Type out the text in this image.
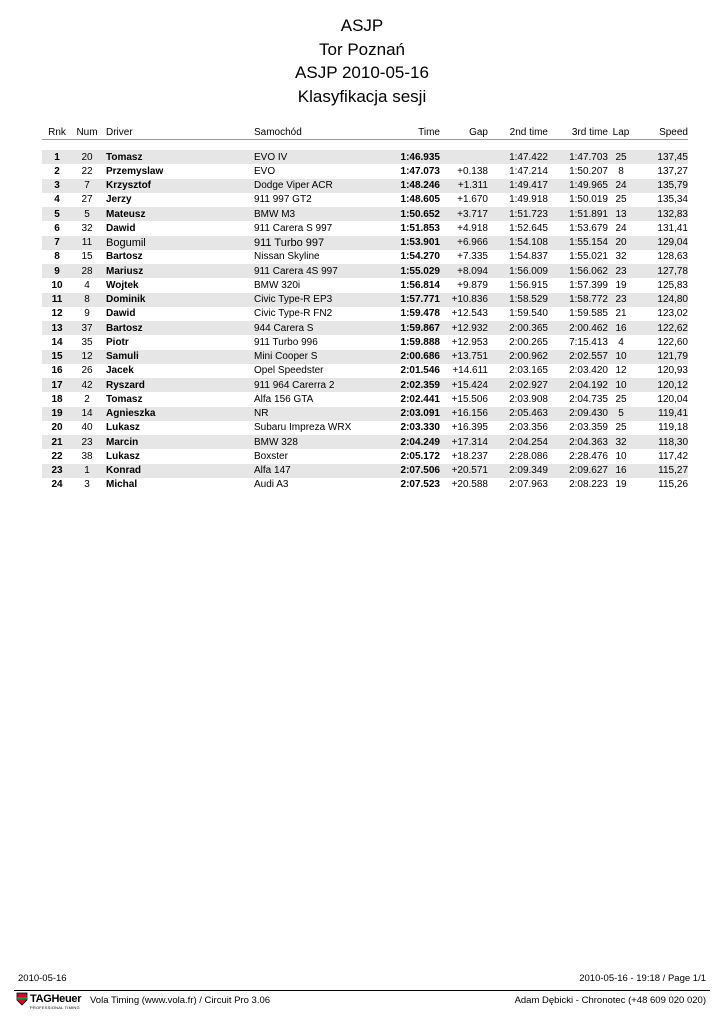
ASJP
Tor Poznań
ASJP 2010-05-16
Klasyfikacja sesji
Rnk	Num	Driver	Samochód	Time	Gap	2nd time	3rd time	Lap	Speed

1	20	Tomasz	EVO IV	1:46.935		1:47.422	1:47.703	25	137,45
2	22	Przemyslaw	EVO	1:47.073	+0.138	1:47.214	1:50.207	8	137,27
3	7	Krzysztof	Dodge Viper ACR	1:48.246	+1.311	1:49.417	1:49.965	24	135,79
4	27	Jerzy	911 997 GT2	1:48.605	+1.670	1:49.918	1:50.019	25	135,34
5	5	Mateusz	BMW M3	1:50.652	+3.717	1:51.723	1:51.891	13	132,83
6	32	Dawid	911 Carera S 997	1:51.853	+4.918	1:52.645	1:53.679	24	131,41
7	11	Bogumil	911 Turbo 997	1:53.901	+6.966	1:54.108	1:55.154	20	129,04
8	15	Bartosz	Nissan Skyline	1:54.270	+7.335	1:54.837	1:55.021	32	128,63
9	28	Mariusz	911 Carera 4S 997	1:55.029	+8.094	1:56.009	1:56.062	23	127,78
10	4	Wojtek	BMW 320i	1:56.814	+9.879	1:56.915	1:57.399	19	125,83
11	8	Dominik	Civic Type-R EP3	1:57.771	+10.836	1:58.529	1:58.772	23	124,80
12	9	Dawid	Civic Type-R FN2	1:59.478	+12.543	1:59.540	1:59.585	21	123,02
13	37	Bartosz	944 Carera S	1:59.867	+12.932	2:00.365	2:00.462	16	122,62
14	35	Piotr	911 Turbo 996	1:59.888	+12.953	2:00.265	7:15.413	4	122,60
15	12	Samuli	Mini Cooper S	2:00.686	+13.751	2:00.962	2:02.557	10	121,79
16	26	Jacek	Opel Speedster	2:01.546	+14.611	2:03.165	2:03.420	12	120,93
17	42	Ryszard	911 964 Carerra 2	2:02.359	+15.424	2:02.927	2:04.192	10	120,12
18	2	Tomasz	Alfa 156 GTA	2:02.441	+15.506	2:03.908	2:04.735	25	120,04
19	14	Agnieszka	NR	2:03.091	+16.156	2:05.463	2:09.430	5	119,41
20	40	Lukasz	Subaru Impreza WRX	2:03.330	+16.395	2:03.356	2:03.359	25	119,18
21	23	Marcin	BMW 328	2:04.249	+17.314	2:04.254	2:04.363	32	118,30
22	38	Lukasz	Boxster	2:05.172	+18.237	2:28.086	2:28.476	10	117,42
23	1	Konrad	Alfa 147	2:07.506	+20.571	2:09.349	2:09.627	16	115,27
24	3	Michal	Audi A3	2:07.523	+20.588	2:07.963	2:08.223	19	115,26
2010-05-16	2010-05-16 - 19:18 / Page 1/1
TAGHeuer
PROFESSIONAL TIMING
Vola Timing (www.vola.fr) / Circuit Pro 3.06	Adam Dębicki - Chronotec (+48 609 020 020)
